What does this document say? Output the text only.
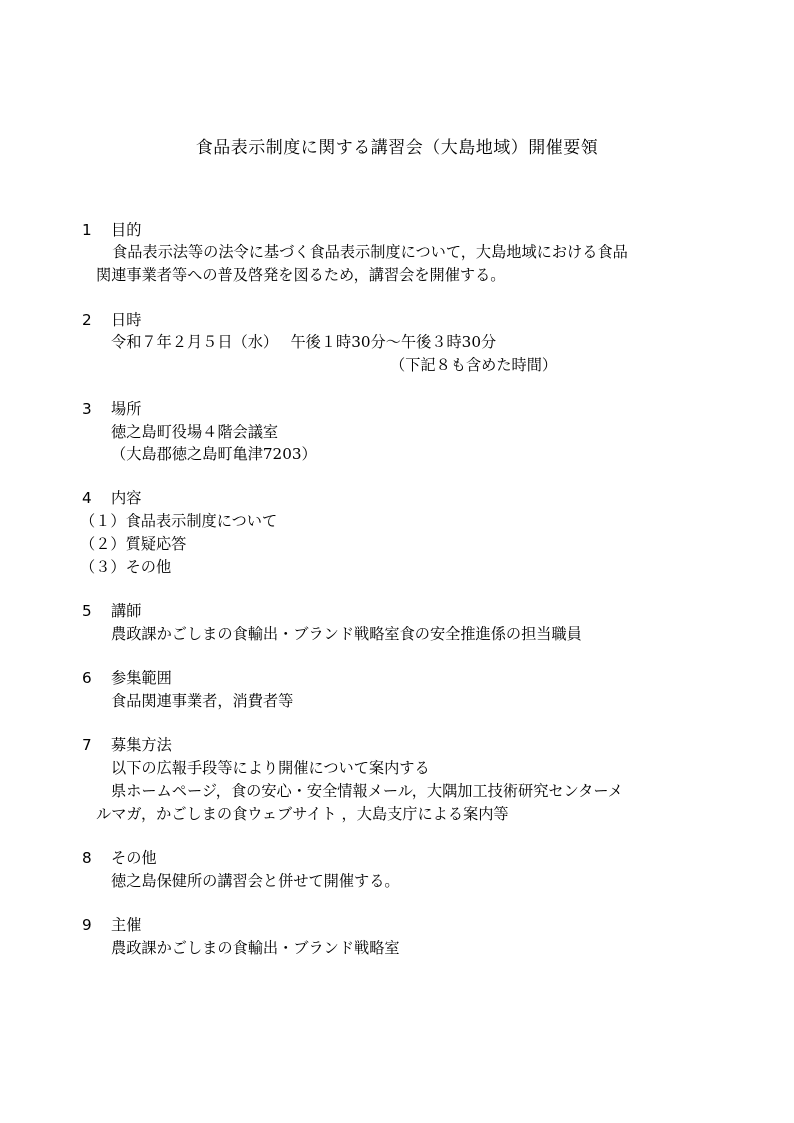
食品表示制度に関する講習会（大島地域）開催要領
1 目的
食品表示法等の法令に基づく食品表示制度について，大島地域における食品
関連事業者等への普及啓発を図るため，講習会を開催する。
2 日時
令和７年２月５日（水）　 午後１時30分～午後３時30分
（下記８も含めた時間）
3 場所
徳之島町役場４階会議室
（大島郡徳之島町亀津7203）
4 内容
（１）食品表示制度について
（２）質疑応答
（３）その他
5 講師
農政課かごしまの食輸出・ブランド戦略室食の安全推進係の担当職員
6 参集範囲
食品関連事業者，消費者等
7 募集方法
以下の広報手段等により開催について案内する
県ホームページ，食の安心・安全情報メール，大隅加工技術研究センターメ
ルマガ，かごしまの食ウェブサイト ，大島支庁による案内等
8 その他
徳之島保健所の講習会と併せて開催する。
9 主催
農政課かごしまの食輸出・ブランド戦略室
